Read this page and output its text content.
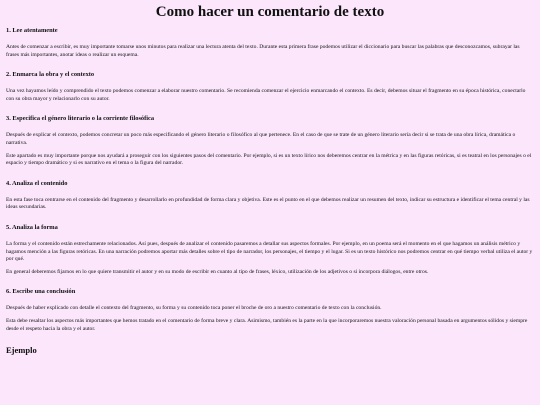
Como hacer un comentario de texto
1. Lee atentamente

Antes de comenzar a escribir, es muy importante tomarse unos minutos para realizar una lectura atenta del texto. Durante esta primera frase podemos utilizar el diccionario para buscar las palabras que desconozcamos, subrayar las frases más importantes, anotar ideas o realizar un esquema.

2. Enmarca la obra y el contexto

Una vez hayamos leído y comprendido el texto podemos comenzar a elaborar nuestro comentario. Se recomienda comenzar el ejercicio enmarcando el contexto. Es decir, debemos situar el fragmento en su época histórica, conectarlo con su obra mayor y relacionarlo con su autor.

3. Especifica el género literario o la corriente filosófica

Después de explicar el contexto, podemos concretar un poco más especificando el género literario o filosófico al que pertenece. En el caso de que se trate de un género literario sería decir si se trata de una obra lírica, dramática o narrativa.

Este apartado es muy importante porque nos ayudará a proseguir con los siguientes pasos del comentario. Por ejemplo, si es un texto lírico nos deberemos centrar en la métrica y en las figuras retóricas, si es teatral en los personajes o el espacio y tiempo dramático y si es narrativo en el tema o la figura del narrador.

4. Analiza el contenido

En esta fase toca centrarse en el contenido del fragmento y desarrollarlo en profundidad de forma clara y objetiva. Este es el punto en el que debemos realizar un resumen del texto, indicar su estructura e identificar el tema central y las ideas secundarias.

5. Analiza la forma

La forma y el contenido están estrechamente relacionados. Así pues, después de analizar el contenido pasaremos a detallar sus aspectos formales. Por ejemplo, en un poema será el momento en el que hagamos un análisis métrico y hagamos mención a las figuras retóricas. En una narración podremos aportar más detalles sobre el tipo de narrador, los personajes, el tiempo y el lugar. Si es un texto histórico nos podremos centrar en qué tiempo verbal utiliza el autor y por qué.

En general deberemos fijarnos en lo que quiere transmitir el autor y en su modo de escribir en cuanto al tipo de frases, léxico, utilización de los adjetivos o si incorpora diálogos, entre otros.

6. Escribe una conclusión

Después de haber explicado con detalle el contexto del fragmento, su forma y su contenido toca poner el broche de oro a nuestro comentario de texto con la conclusión.

Esta debe resaltar los aspectos más importantes que hemos tratado en el comentario de forma breve y clara. Asimismo, también es la parte en la que incorporaremos nuestra valoración personal basada en argumentos sólidos y siempre desde el respeto hacia la obra y el autor.

Ejemplo
